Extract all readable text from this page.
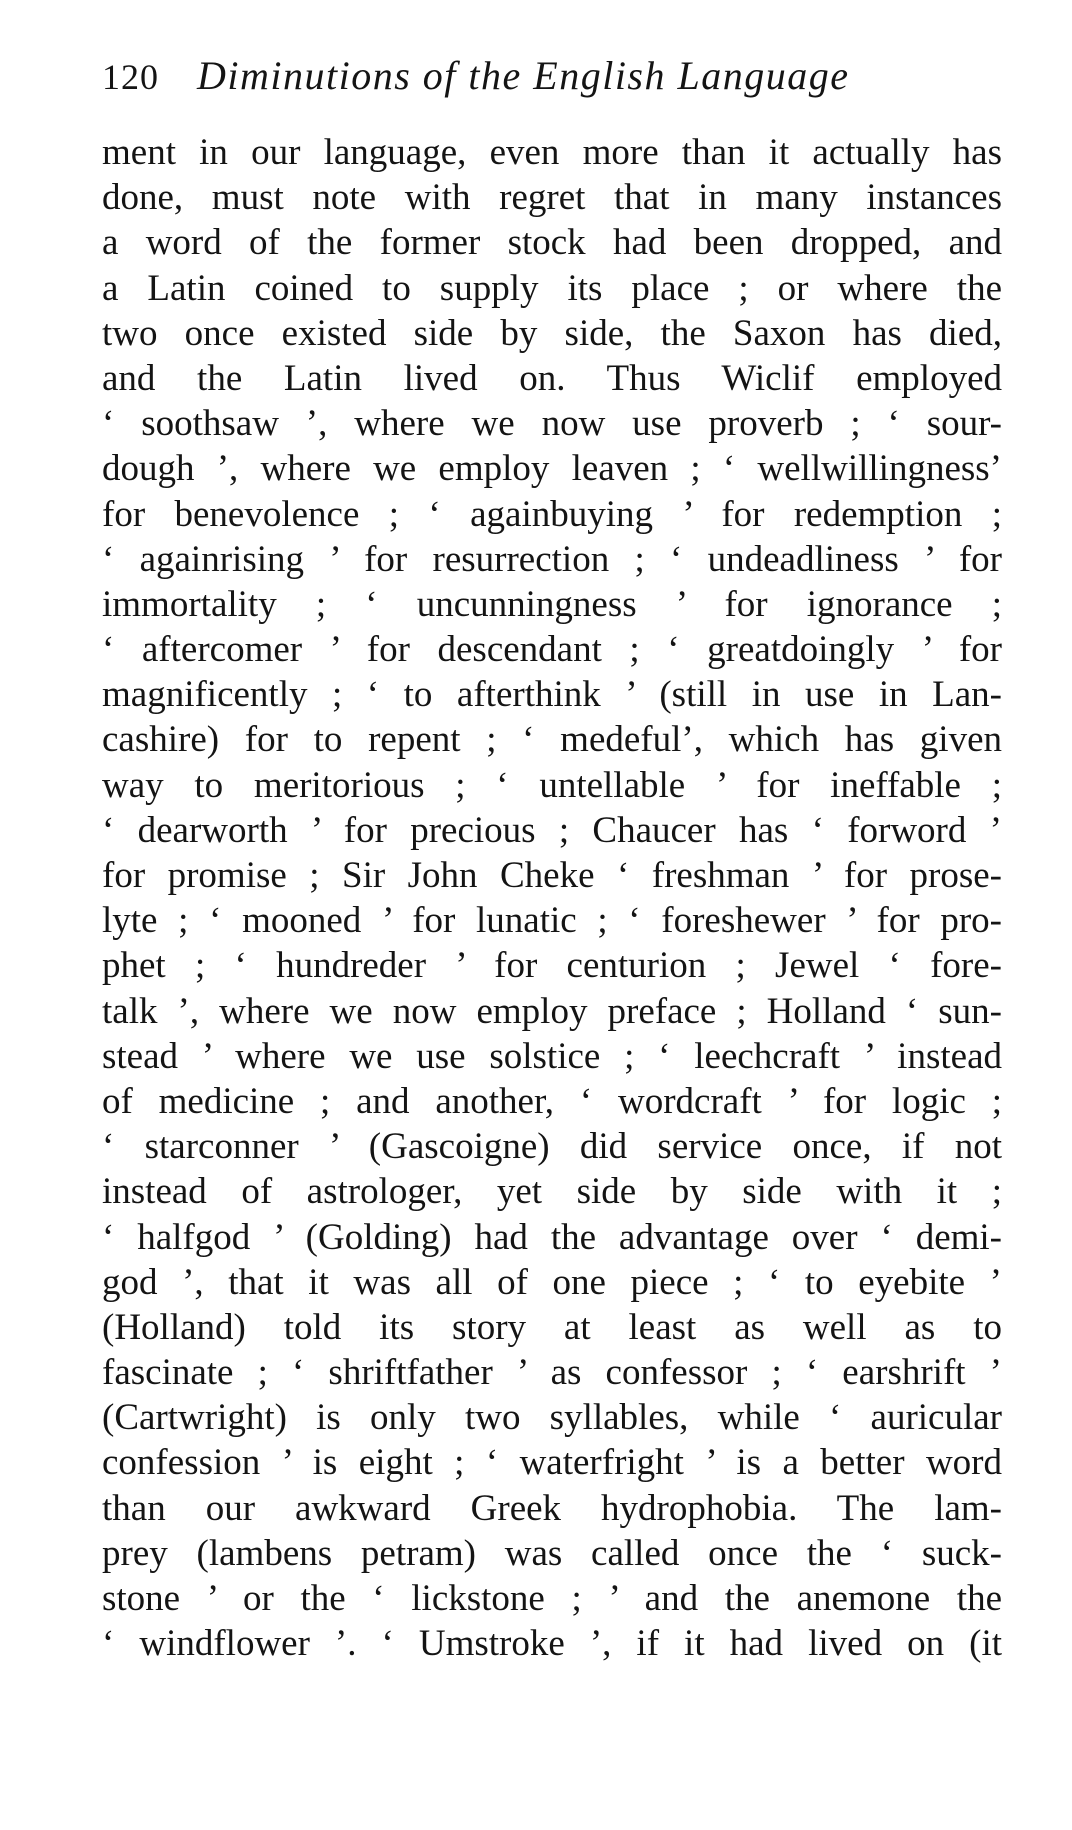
120 Diminutions of the English Language
ment in our language, even more than it actually has
done, must note with regret that in many instances
a word of the former stock had been dropped, and
a Latin coined to supply its place ; or where the
two once existed side by side, the Saxon has died,
and the Latin lived on. Thus Wiclif employed
‘ soothsaw ’, where we now use proverb ; ‘ sour-
dough ’, where we employ leaven ; ‘ wellwillingness’
for benevolence ; ‘ againbuying ’ for redemption ;
‘ againrising ’ for resurrection ; ‘ undeadliness ’ for
immortality ; ‘ uncunningness ’ for ignorance ;
‘ aftercomer ’ for descendant ; ‘ greatdoingly ’ for
magnificently ; ‘ to afterthink ’ (still in use in Lan-
cashire) for to repent ; ‘ medeful’, which has given
way to meritorious ; ‘ untellable ’ for ineffable ;
‘ dearworth ’ for precious ; Chaucer has ‘ forword ’
for promise ; Sir John Cheke ‘ freshman ’ for prose-
lyte ; ‘ mooned ’ for lunatic ; ‘ foreshewer ’ for pro-
phet ; ‘ hundreder ’ for centurion ; Jewel ‘ fore-
talk ’, where we now employ preface ; Holland ‘ sun-
stead ’ where we use solstice ; ‘ leechcraft ’ instead
of medicine ; and another, ‘ wordcraft ’ for logic ;
‘ starconner ’ (Gascoigne) did service once, if not
instead of astrologer, yet side by side with it ;
‘ halfgod ’ (Golding) had the advantage over ‘ demi-
god ’, that it was all of one piece ; ‘ to eyebite ’
(Holland) told its story at least as well as to
fascinate ; ‘ shriftfather ’ as confessor ; ‘ earshrift ’
(Cartwright) is only two syllables, while ‘ auricular
confession ’ is eight ; ‘ waterfright ’ is a better word
than our awkward Greek hydrophobia. The lam-
prey (lambens petram) was called once the ‘ suck-
stone ’ or the ‘ lickstone ; ’ and the anemone the
‘ windflower ’. ‘ Umstroke ’, if it had lived on (it
